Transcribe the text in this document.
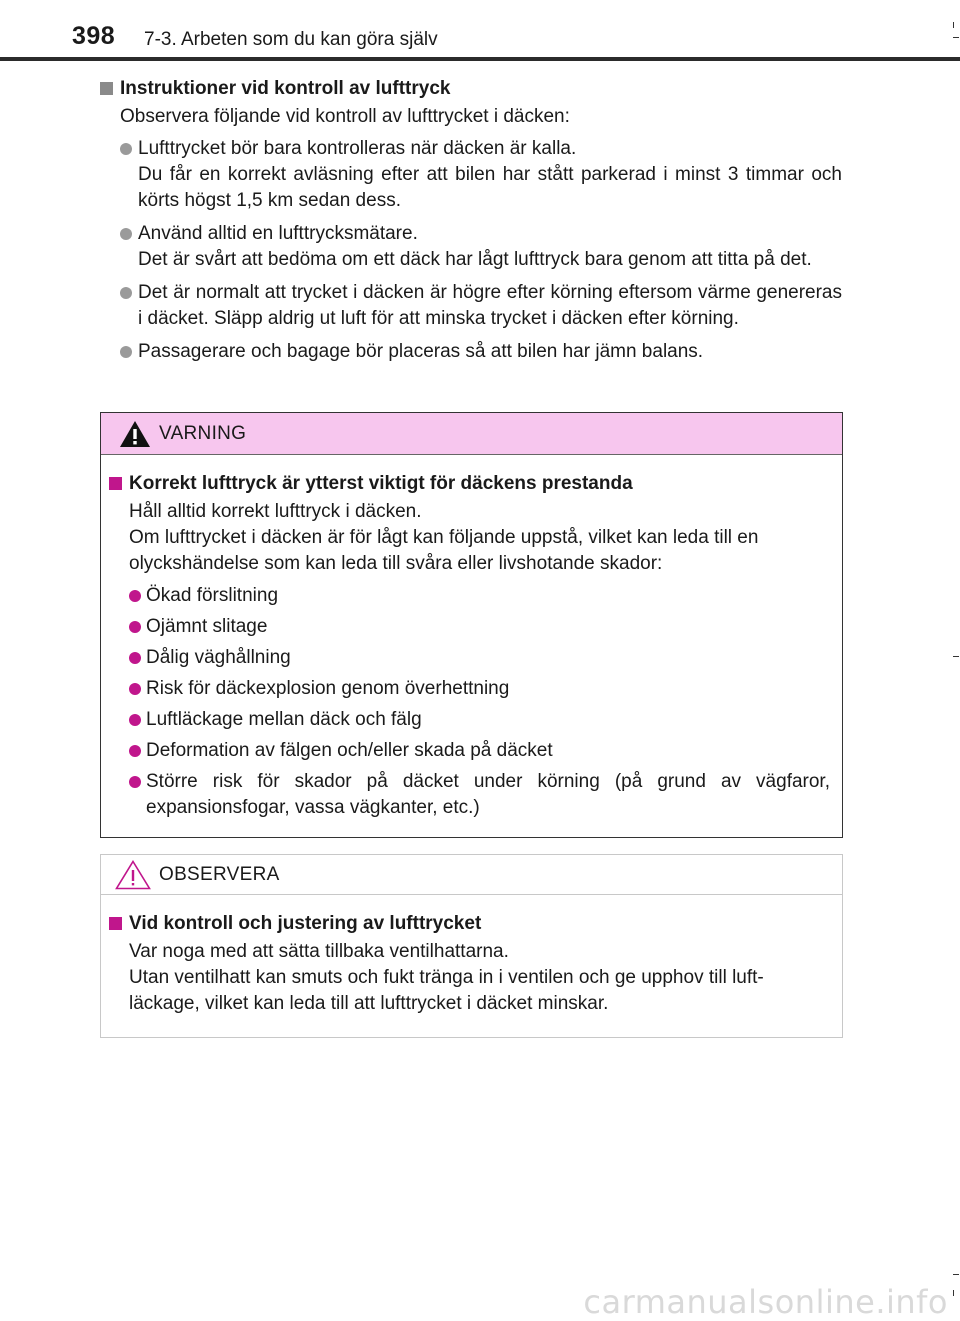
398 7-3. Arbeten som du kan göra själv
Instruktioner vid kontroll av lufttryck
Observera följande vid kontroll av lufttrycket i däcken:
Lufttrycket bör bara kontrolleras när däcken är kalla.
Du får en korrekt avläsning efter att bilen har stått parkerad i minst 3 timmar och körts högst 1,5 km sedan dess.
Använd alltid en lufttrycksmätare.
Det är svårt att bedöma om ett däck har lågt lufttryck bara genom att titta på det.
Det är normalt att trycket i däcken är högre efter körning eftersom värme genereras i däcket. Släpp aldrig ut luft för att minska trycket i däcken efter körning.
Passagerare och bagage bör placeras så att bilen har jämn balans.
VARNING
Korrekt lufttryck är ytterst viktigt för däckens prestanda

Håll alltid korrekt lufttryck i däcken.

Om lufttrycket i däcken är för lågt kan följande uppstå, vilket kan leda till en olyckshändelse som kan leda till svåra eller livshotande skador:

Ökad förslitning
Ojämnt slitage
Dålig väghållning
Risk för däckexplosion genom överhettning
Luftläckage mellan däck och fälg
Deformation av fälgen och/eller skada på däcket
Större risk för skador på däcket under körning (på grund av vägfaror, expansionsfogar, vassa vägkanter, etc.)
OBSERVERA
Vid kontroll och justering av lufttrycket

Var noga med att sätta tillbaka ventilhattarna.

Utan ventilhatt kan smuts och fukt tränga in i ventilen och ge upphov till luft-läckage, vilket kan leda till att lufttrycket i däcket minskar.

carmanualsonline.info
